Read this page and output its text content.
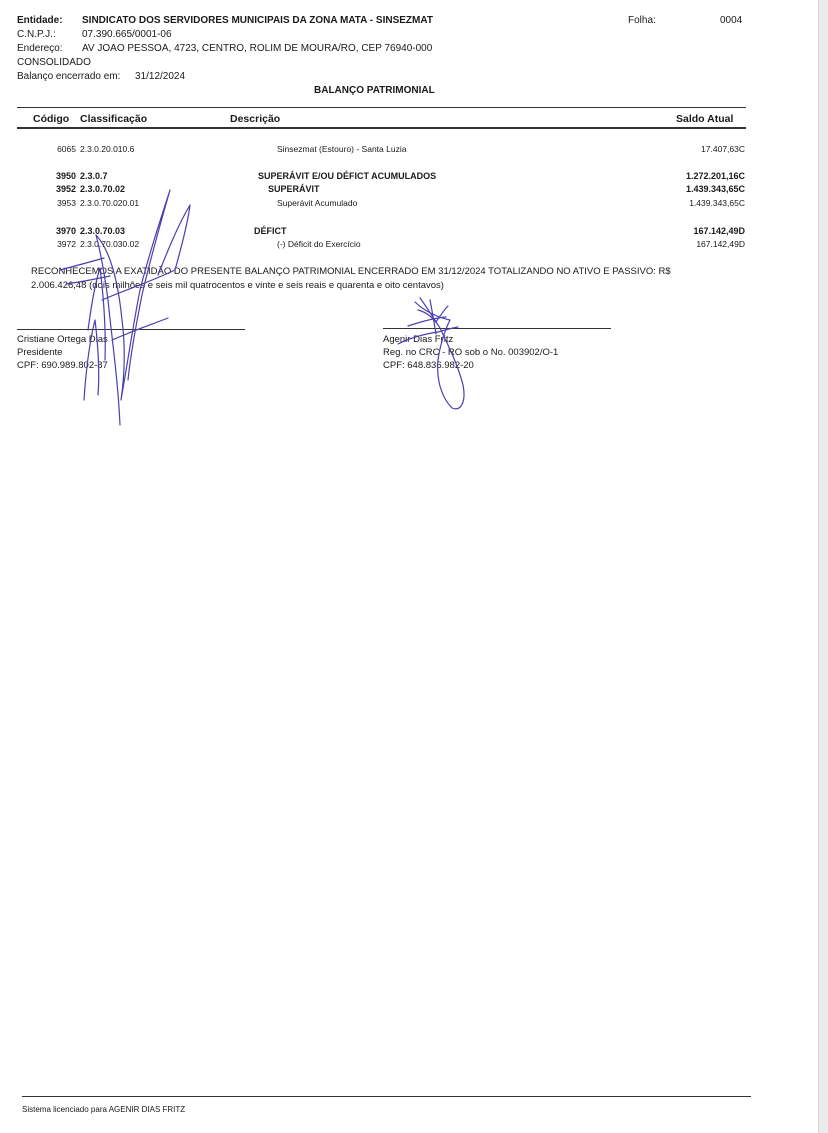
Entidade: SINDICATO DOS SERVIDORES MUNICIPAIS DA ZONA MATA - SINSEZMAT	Folha:	0004
C.N.P.J.:	07.390.665/0001-06
Endereço: AV JOAO PESSOA, 4723, CENTRO, ROLIM DE MOURA/RO, CEP 76940-000
CONSOLIDADO
Balanço encerrado em: 31/12/2024
BALANÇO PATRIMONIAL
Código Classificação	Descrição	Saldo Atual
6065 2.3.0.20.010.6	Sinsezmat (Estouro) - Santa Luzia	17.407,63C
3950 2.3.0.7	SUPERÁVIT E/OU DÉFICT ACUMULADOS	1.272.201,16C
3952 2.3.0.70.02	SUPERÁVIT	1.439.343,65C
3953 2.3.0.70.020.01	Superávit Acumulado	1.439.343,65C
3970 2.3.0.70.03	DÉFICT	167.142,49D
3972 2.3.0.70.030.02	(-) Déficit do Exercício	167.142,49D
RECONHECEMOS A EXATIDÃO DO PRESENTE BALANÇO PATRIMONIAL ENCERRADO EM 31/12/2024 TOTALIZANDO NO ATIVO E PASSIVO: R$
2.006.426,48 (dois milhões e seis mil quatrocentos e vinte e seis reais e quarenta e oito centavos)
Cristiane Ortega Dias
Presidente
CPF: 690.989.802-87
Agenir Dias Fritz
Reg. no CRC - RO sob o No. 003902/O-1
CPF: 648.836.982-20
Sistema licenciado para AGENIR DIAS FRITZ
